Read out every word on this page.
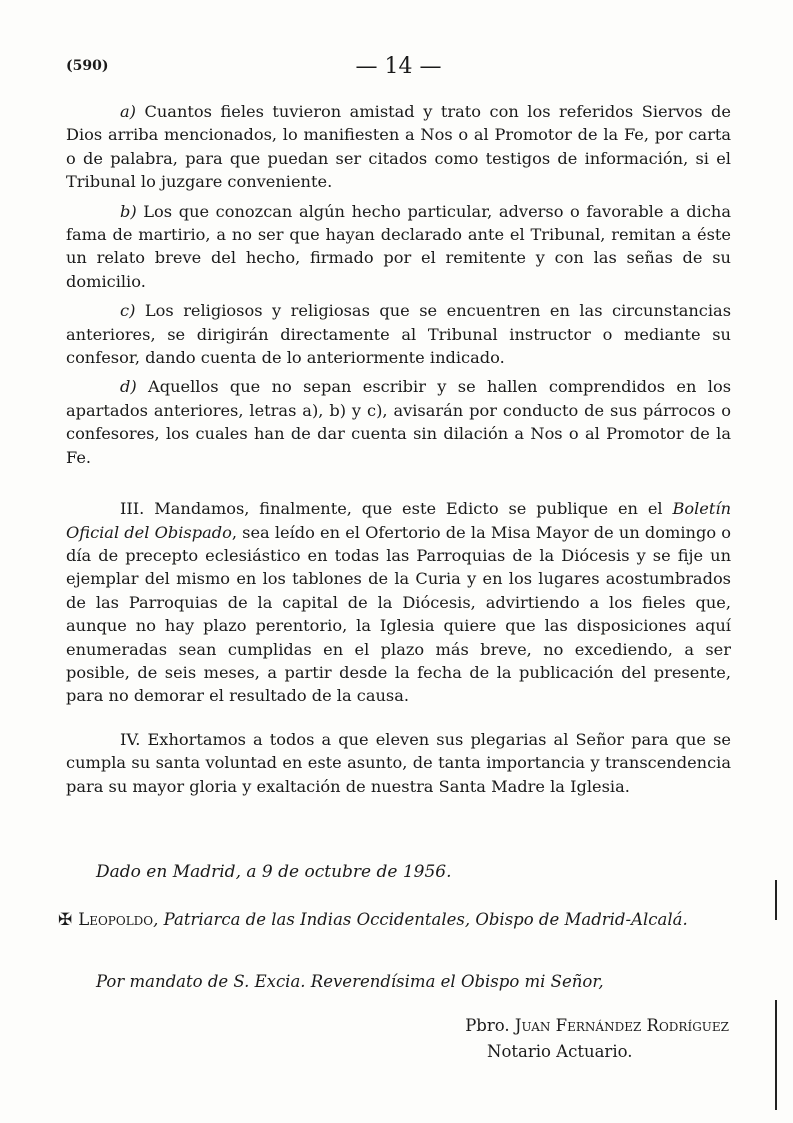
(590)	— 14 —

a) Cuantos fieles tuvieron amistad y trato con los referidos Siervos de Dios arriba mencionados, lo manifiesten a Nos o al Promotor de la Fe, por carta o de palabra, para que puedan ser citados como testigos de información, si el Tribunal lo juzgare conveniente.

b) Los que conozcan algún hecho particular, adverso o favorable a dicha fama de martirio, a no ser que hayan declarado ante el Tribunal, remitan a éste un relato breve del hecho, firmado por el remitente y con las señas de su domicilio.

c) Los religiosos y religiosas que se encuentren en las circunstancias anteriores, se dirigirán directamente al Tribunal instructor o mediante su confesor, dando cuenta de lo anteriormente indicado.

d) Aquellos que no sepan escribir y se hallen comprendidos en los apartados anteriores, letras a), b) y c), avisarán por conducto de sus párrocos o confesores, los cuales han de dar cuenta sin dilación a Nos o al Promotor de la Fe.

III. Mandamos, finalmente, que este Edicto se publique en el Boletín Oficial del Obispado, sea leído en el Ofertorio de la Misa Mayor de un domingo o día de precepto eclesiástico en todas las Parroquias de la Diócesis y se fije un ejemplar del mismo en los tablones de la Curia y en los lugares acostumbrados de las Parroquias de la capital de la Diócesis, advirtiendo a los fieles que, aunque no hay plazo perentorio, la Iglesia quiere que las disposiciones aquí enumeradas sean cumplidas en el plazo más breve, no excediendo, a ser posible, de seis meses, a partir desde la fecha de la publicación del presente, para no demorar el resultado de la causa.

IV. Exhortamos a todos a que eleven sus plegarias al Señor para que se cumpla su santa voluntad en este asunto, de tanta importancia y transcendencia para su mayor gloria y exaltación de nuestra Santa Madre la Iglesia.

Dado en Madrid, a 9 de octubre de 1956.
✠ Leopoldo, Patriarca de las Indias Occidentales, Obispo de Madrid-Alcalá.
Por mandato de S. Excia. Reverendísima el Obispo mi Señor,
Pbro. Juan Fernández Rodríguez
Notario Actuario.
